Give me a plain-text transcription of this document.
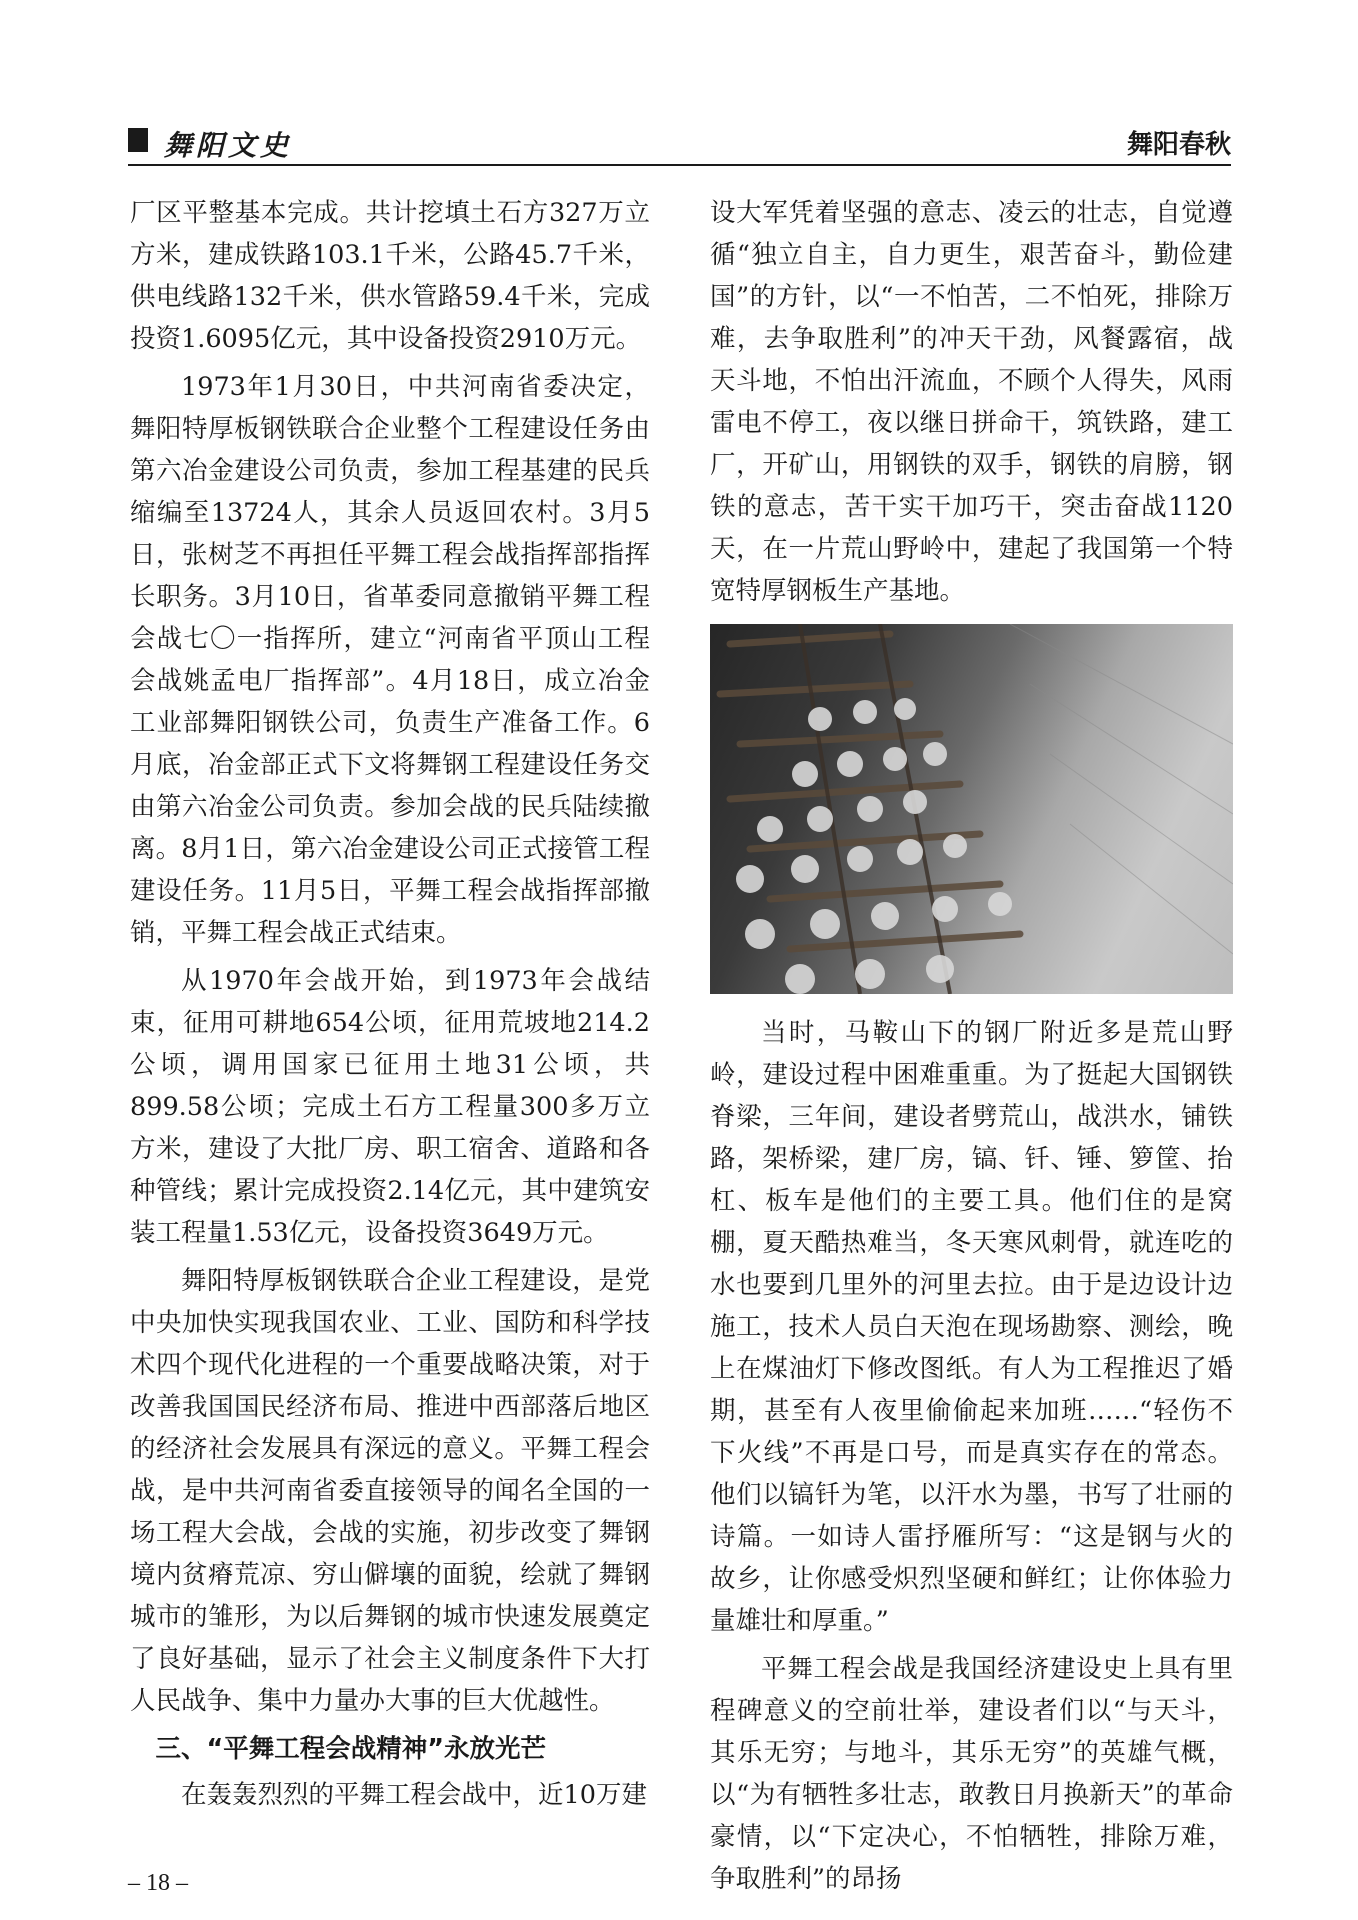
舞阳文史	舞阳春秋

厂区平整基本完成。共计挖填土石方327万立方米，建成铁路103.1千米，公路45.7千米，供电线路132千米，供水管路59.4千米，完成投资1.6095亿元，其中设备投资2910万元。

1973年1月30日，中共河南省委决定，舞阳特厚板钢铁联合企业整个工程建设任务由第六冶金建设公司负责，参加工程基建的民兵缩编至13724人，其余人员返回农村。3月5日，张树芝不再担任平舞工程会战指挥部指挥长职务。3月10日，省革委同意撤销平舞工程会战七〇一指挥所，建立“河南省平顶山工程会战姚孟电厂指挥部”。4月18日，成立冶金工业部舞阳钢铁公司，负责生产准备工作。6月底，冶金部正式下文将舞钢工程建设任务交由第六冶金公司负责。参加会战的民兵陆续撤离。8月1日，第六冶金建设公司正式接管工程建设任务。11月5日，平舞工程会战指挥部撤销，平舞工程会战正式结束。

从1970年会战开始，到1973年会战结束，征用可耕地654公顷，征用荒坡地214.2公顷，调用国家已征用土地31公顷，共899.58公顷；完成土石方工程量300多万立方米，建设了大批厂房、职工宿舍、道路和各种管线；累计完成投资2.14亿元，其中建筑安装工程量1.53亿元，设备投资3649万元。

舞阳特厚板钢铁联合企业工程建设，是党中央加快实现我国农业、工业、国防和科学技术四个现代化进程的一个重要战略决策，对于改善我国国民经济布局、推进中西部落后地区的经济社会发展具有深远的意义。平舞工程会战，是中共河南省委直接领导的闻名全国的一场工程大会战，会战的实施，初步改变了舞钢境内贫瘠荒凉、穷山僻壤的面貌，绘就了舞钢城市的雏形，为以后舞钢的城市快速发展奠定了良好基础，显示了社会主义制度条件下大打人民战争、集中力量办大事的巨大优越性。

三、“平舞工程会战精神”永放光芒

在轰轰烈烈的平舞工程会战中，近10万建

设大军凭着坚强的意志、凌云的壮志，自觉遵循“独立自主，自力更生，艰苦奋斗，勤俭建国”的方针，以“一不怕苦，二不怕死，排除万难，去争取胜利”的冲天干劲，风餐露宿，战天斗地，不怕出汗流血，不顾个人得失，风雨雷电不停工，夜以继日拼命干，筑铁路，建工厂，开矿山，用钢铁的双手，钢铁的肩膀，钢铁的意志，苦干实干加巧干，突击奋战1120天，在一片荒山野岭中，建起了我国第一个特宽特厚钢板生产基地。

当时，马鞍山下的钢厂附近多是荒山野岭，建设过程中困难重重。为了挺起大国钢铁脊梁，三年间，建设者劈荒山，战洪水，铺铁路，架桥梁，建厂房，镐、钎、锤、箩筐、抬杠、板车是他们的主要工具。他们住的是窝棚，夏天酷热难当，冬天寒风刺骨，就连吃的水也要到几里外的河里去拉。由于是边设计边施工，技术人员白天泡在现场勘察、测绘，晚上在煤油灯下修改图纸。有人为工程推迟了婚期，甚至有人夜里偷偷起来加班……“轻伤不下火线”不再是口号，而是真实存在的常态。他们以镐钎为笔，以汗水为墨，书写了壮丽的诗篇。一如诗人雷抒雁所写：“这是钢与火的故乡，让你感受炽烈坚硬和鲜红；让你体验力量雄壮和厚重。”

平舞工程会战是我国经济建设史上具有里程碑意义的空前壮举，建设者们以“与天斗，其乐无穷；与地斗，其乐无穷”的英雄气概，以“为有牺牲多壮志，敢教日月换新天”的革命豪情，以“下定决心，不怕牺牲，排除万难，争取胜利”的昂扬

– 18 –
